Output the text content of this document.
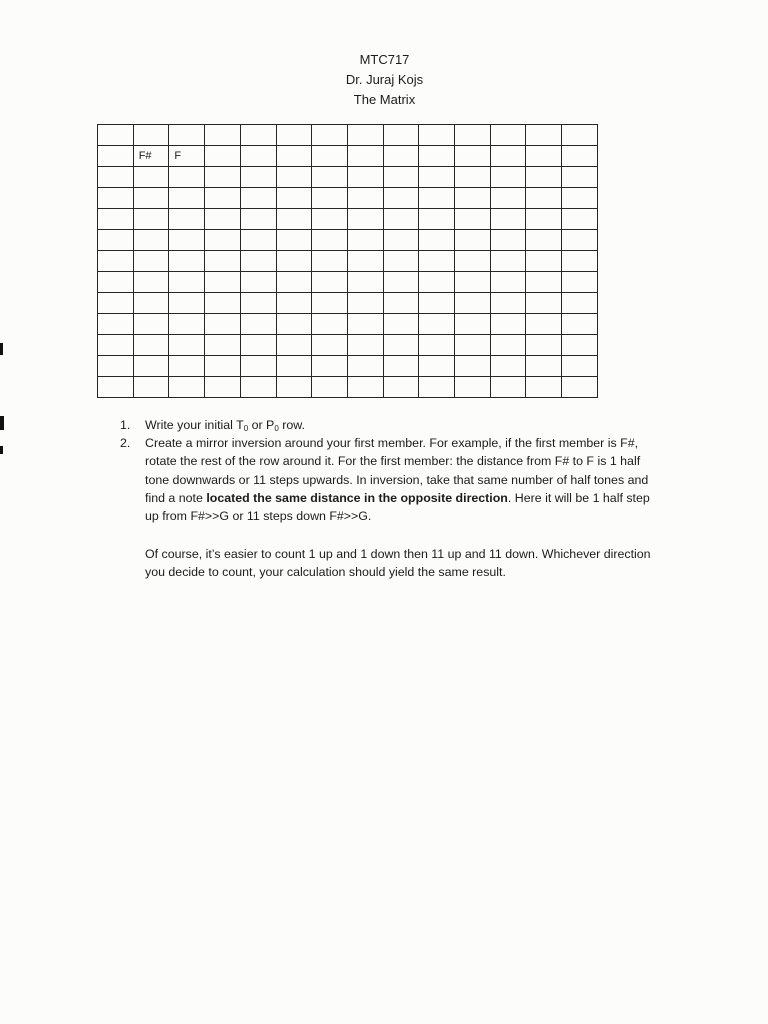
MTC717
Dr. Juraj Kojs
The Matrix

	F#	F											

1. Write your initial $T_0$ or $P_0$ row.
2. Create a mirror inversion around your first member. For example, if the first member is F#, rotate the rest of the row around it. For the first member: the distance from F# to F is 1 half tone downwards or 11 steps upwards. In inversion, take that same number of half tones and find a note located the same distance in the opposite direction. Here it will be 1 half step up from F#>>G or 11 steps down F#>>G.
Of course, it’s easier to count 1 up and 1 down then 11 up and 11 down. Whichever direction you decide to count, your calculation should yield the same result.
